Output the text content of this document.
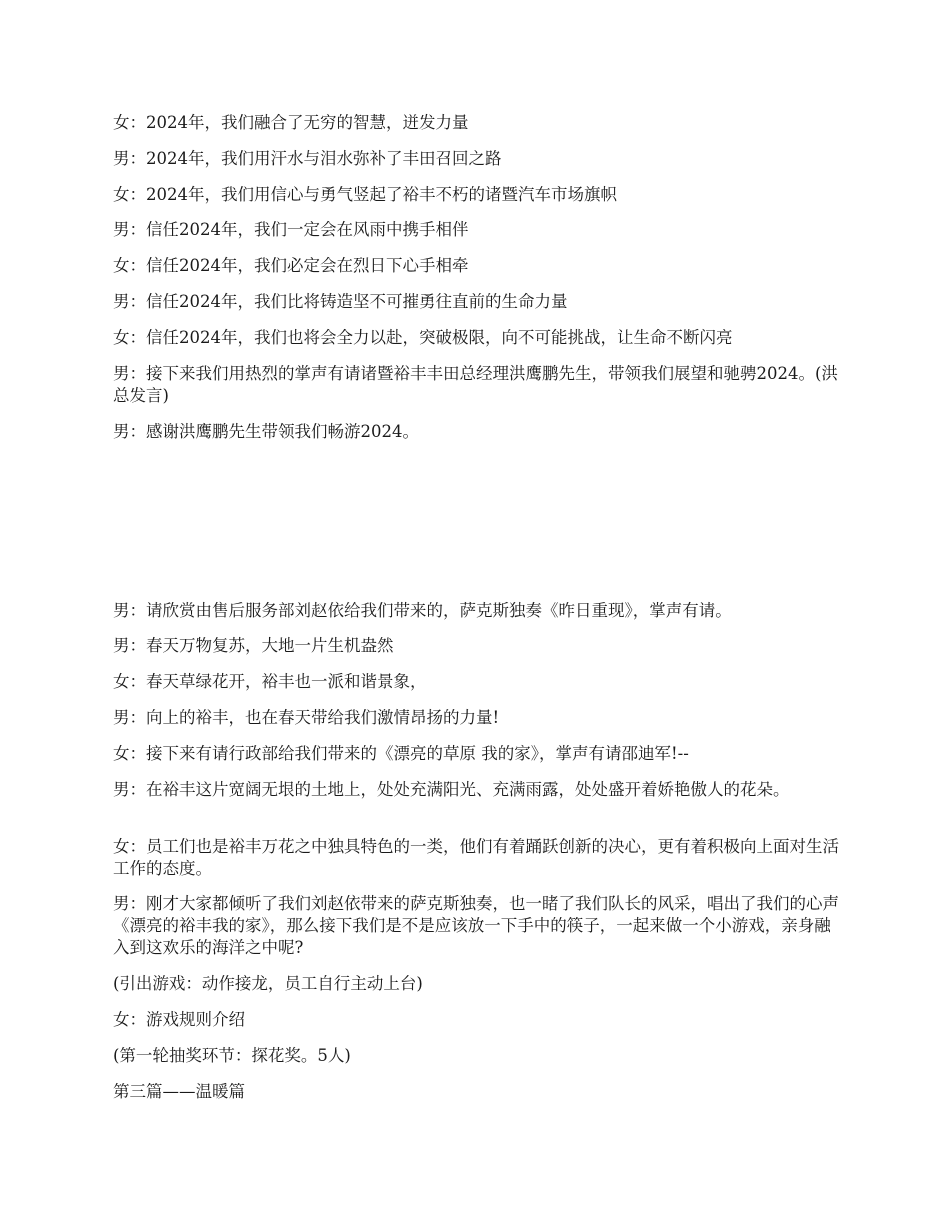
女：2024年，我们融合了无穷的智慧，迸发力量

男：2024年，我们用汗水与泪水弥补了丰田召回之路

女：2024年，我们用信心与勇气竖起了裕丰不朽的诸暨汽车市场旗帜

男：信任2024年，我们一定会在风雨中携手相伴

女：信任2024年，我们必定会在烈日下心手相牵

男：信任2024年，我们比将铸造坚不可摧勇往直前的生命力量

女：信任2024年，我们也将会全力以赴，突破极限，向不可能挑战，让生命不断闪亮

男：接下来我们用热烈的掌声有请诸暨裕丰丰田总经理洪鹰鹏先生，带领我们展望和驰骋2024。(洪总发言)

男：感谢洪鹰鹏先生带领我们畅游2024。

男：请欣赏由售后服务部刘赵依给我们带来的，萨克斯独奏《昨日重现》，掌声有请。

男：春天万物复苏，大地一片生机盎然

女：春天草绿花开，裕丰也一派和谐景象，

男：向上的裕丰，也在春天带给我们激情昂扬的力量!

女：接下来有请行政部给我们带来的《漂亮的草原 我的家》，掌声有请邵迪军!--

男：在裕丰这片宽阔无垠的土地上，处处充满阳光、充满雨露，处处盛开着娇艳傲人的花朵。

女：员工们也是裕丰万花之中独具特色的一类，他们有着踊跃创新的决心，更有着积极向上面对生活工作的态度。

男：刚才大家都倾听了我们刘赵依带来的萨克斯独奏，也一睹了我们队长的风采，唱出了我们的心声《漂亮的裕丰我的家》，那么接下我们是不是应该放一下手中的筷子，一起来做一个小游戏，亲身融入到这欢乐的海洋之中呢?

(引出游戏：动作接龙，员工自行主动上台)

女：游戏规则介绍

(第一轮抽奖环节：探花奖。5人)

第三篇——温暖篇
